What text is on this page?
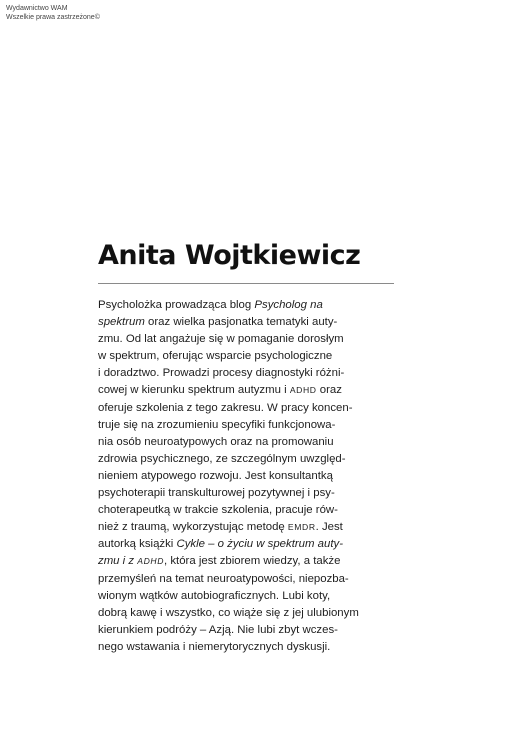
Wydawnictwo WAM
Wszelkie prawa zastrzeżone©
Anita Wojtkiewicz
Psycholożka prowadząca blog Psycholog na
spektrum oraz wielka pasjonatka tematyki auty-
zmu. Od lat angażuje się w pomaganie dorosłym
w spektrum, oferując wsparcie psychologiczne
i doradztwo. Prowadzi procesy diagnostyki różni-
cowej w kierunku spektrum autyzmu i ADHD oraz
oferuje szkolenia z tego zakresu. W pracy koncen-
truje się na zrozumieniu specyfiki funkcjonowa-
nia osób neuroatypowych oraz na promowaniu
zdrowia psychicznego, ze szczególnym uwzględ-
nieniem atypowego rozwoju. Jest konsultantką
psychoterapii transkulturowej pozytywnej i psy-
choterapeutką w trakcie szkolenia, pracuje rów-
nież z traumą, wykorzystując metodę EMDR. Jest
autorką książki Cykle – o życiu w spektrum auty-
zmu i z ADHD, która jest zbiorem wiedzy, a także
przemyśleń na temat neuroatypowości, niepozba-
wionym wątków autobiograficznych. Lubi koty,
dobrą kawę i wszystko, co wiąże się z jej ulubionym
kierunkiem podróży – Azją. Nie lubi zbyt wczes-
nego wstawania i niemerytorycznych dyskusji.
